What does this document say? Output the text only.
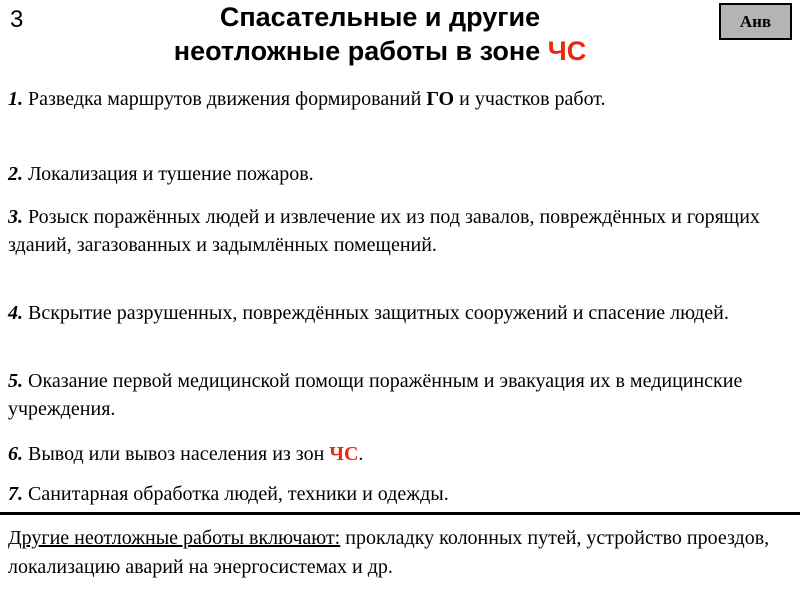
3	Спасательные и другие
неотложные работы в зоне ЧС
Анв

1. Разведка маршрутов движения формирований ГО и участков работ.

2. Локализация и тушение пожаров.

3. Розыск поражённых людей и извлечение их из под завалов, повреждённых и горящих зданий, загазованных и задымлённых помещений.

4. Вскрытие разрушенных, повреждённых защитных сооружений и спасение людей.

5. Оказание первой медицинской помощи поражённым и эвакуация их в медицинские учреждения.

6. Вывод или вывоз населения из зон ЧС.

7. Санитарная обработка людей, техники и одежды.

Другие неотложные работы включают: прокладку колонных путей, устройство проездов, локализацию аварий на энергосистемах и др.
